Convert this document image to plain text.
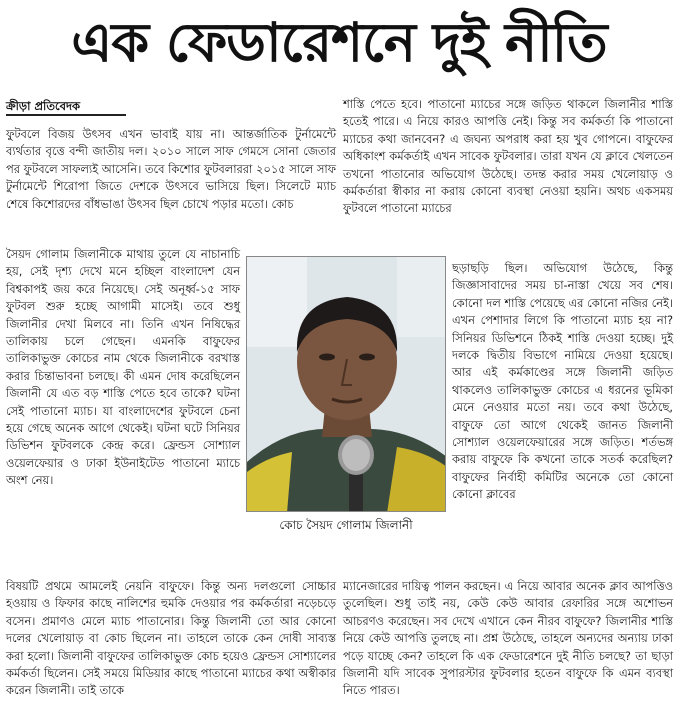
এক ফেডারেশনে দুই নীতি
ক্রীড়া প্রতিবেদক

ফুটবলে বিজয় উৎসব এখন ভাবাই যায় না। আন্তর্জাতিক টুর্নামেন্টে ব্যর্থতার বৃত্তে বন্দী জাতীয় দল। ২০১০ সালে সাফ গেমসে সোনা জেতার পর ফুটবলে সাফল্যই আসেনি। তবে কিশোর ফুটবলাররা ২০১৫ সালে সাফ টুর্নামেন্টে শিরোপা জিতে দেশকে উৎসবে ভাসিয়ে ছিল। সিলেটে ম্যাচ শেষে কিশোরদের বাঁধভাঙা উৎসব ছিল চোখে পড়ার মতো। কোচ

সৈয়দ গোলাম জিলানীকে মাথায় তুলে যে নাচানাচি হয়, সেই দৃশ্য দেখে মনে হচ্ছিল বাংলাদেশ যেন বিশ্বকাপই জয় করে নিয়েছে। সেই অনূর্ধ্ব-১৫ সাফ ফুটবল শুরু হচ্ছে আগামী মাসেই। তবে শুধু জিলানীর দেখা মিলবে না। তিনি এখন নিষিদ্ধের তালিকায় চলে গেছেন। এমনকি বাফুফের তালিকাভুক্ত কোচের নাম থেকে জিলানীকে বরখাস্ত করার চিন্তাভাবনা চলছে। কী এমন দোষ করেছিলেন জিলানী যে এত বড় শাস্তি পেতে হবে তাকে? ঘটনা সেই পাতানো ম্যাচ। যা বাংলাদেশের ফুটবলে চেনা হয়ে গেছে অনেক আগে থেকেই। ঘটনা ঘটে সিনিয়র ডিভিশন ফুটবলকে কেন্দ্র করে। ফ্রেন্ডস সোশ্যাল ওয়েলফেয়ার ও ঢাকা ইউনাইটেড পাতানো ম্যাচে অংশ নেয়।

শাস্তি পেতে হবে। পাতানো ম্যাচের সঙ্গে জড়িত থাকলে জিলানীর শাস্তি হতেই পারে। এ নিয়ে কারও আপত্তি নেই। কিন্তু সব কর্মকর্তা কি পাতানো ম্যাচের কথা জানবেন? এ জঘন্য অপরাধ করা হয় খুব গোপনে। বাফুফের অধিকাংশ কর্মকর্তাই এখন সাবেক ফুটবলার। তারা যখন যে ক্লাবে খেলতেন তখনো পাতানোর অভিযোগ উঠেছে। তদন্ত করার সময় খেলোয়াড় ও কর্মকর্তারা স্বীকার না করায় কোনো ব্যবস্থা নেওয়া হয়নি। অথচ একসময় ফুটবলে পাতানো ম্যাচের

ছড়াছড়ি ছিল। অভিযোগ উঠেছে, কিন্তু জিজ্ঞাসাবাদের সময় চা-নাস্তা খেয়ে সব শেষ। কোনো দল শাস্তি পেয়েছে এর কোনো নজির নেই। এখন পেশাদার লিগে কি পাতানো ম্যাচ হয় না? সিনিয়র ডিভিশনে ঠিকই শাস্তি দেওয়া হচ্ছে। দুই দলকে দ্বিতীয় বিভাগে নামিয়ে দেওয়া হয়েছে। আর এই কর্মকাণ্ডের সঙ্গে জিলানী জড়িত থাকলেও তালিকাভুক্ত কোচের এ ধরনের ভূমিকা মেনে নেওয়ার মতো নয়। তবে কথা উঠেছে, বাফুফে তো আগে থেকেই জানত জিলানী সোশ্যাল ওয়েলফেয়ারের সঙ্গে জড়িত। শর্তভঙ্গ করায় বাফুফে কি কখনো তাকে সতর্ক করেছিল? বাফুফের নির্বাহী কমিটির অনেকে তো কোনো কোনো ক্লাবের

কোচ সৈয়দ গোলাম জিলানী

বিষয়টি প্রথমে আমলেই নেয়নি বাফুফে। কিন্তু অন্য দলগুলো সোচ্চার হওয়ায় ও ফিফার কাছে নালিশের হুমকি দেওয়ার পর কর্মকর্তারা নড়েচড়ে বসেন। প্রমাণও মেলে ম্যাচ পাতানোর। কিন্তু জিলানী তো আর কোনো দলের খেলোয়াড় বা কোচ ছিলেন না। তাহলে তাকে কেন দোষী সাব্যস্ত করা হলো। জিলানী বাফুফের তালিকাভুক্ত কোচ হয়েও ফ্রেন্ডস সোশ্যালের কর্মকর্তা ছিলেন। সেই সময়ে মিডিয়ার কাছে পাতানো ম্যাচের কথা অস্বীকার করেন জিলানী। তাই তাকে

ম্যানেজারের দায়িত্ব পালন করছেন। এ নিয়ে আবার অনেক ক্লাব আপত্তিও তুলেছিল। শুধু তাই নয়, কেউ কেউ আবার রেফারির সঙ্গে অশোভন আচরণও করেছেন। সব দেখে এখানে কেন নীরব বাফুফে? জিলানীর শাস্তি নিয়ে কেউ আপত্তি তুলছে না। প্রশ্ন উঠেছে, তাহলে অন্যদের অন্যায় ঢাকা পড়ে যাচ্ছে কেন? তাহলে কি এক ফেডারেশনে দুই নীতি চলছে? তা ছাড়া জিলানী যদি সাবেক সুপারস্টার ফুটবলার হতেন বাফুফে কি এমন ব্যবস্থা নিতে পারত।
